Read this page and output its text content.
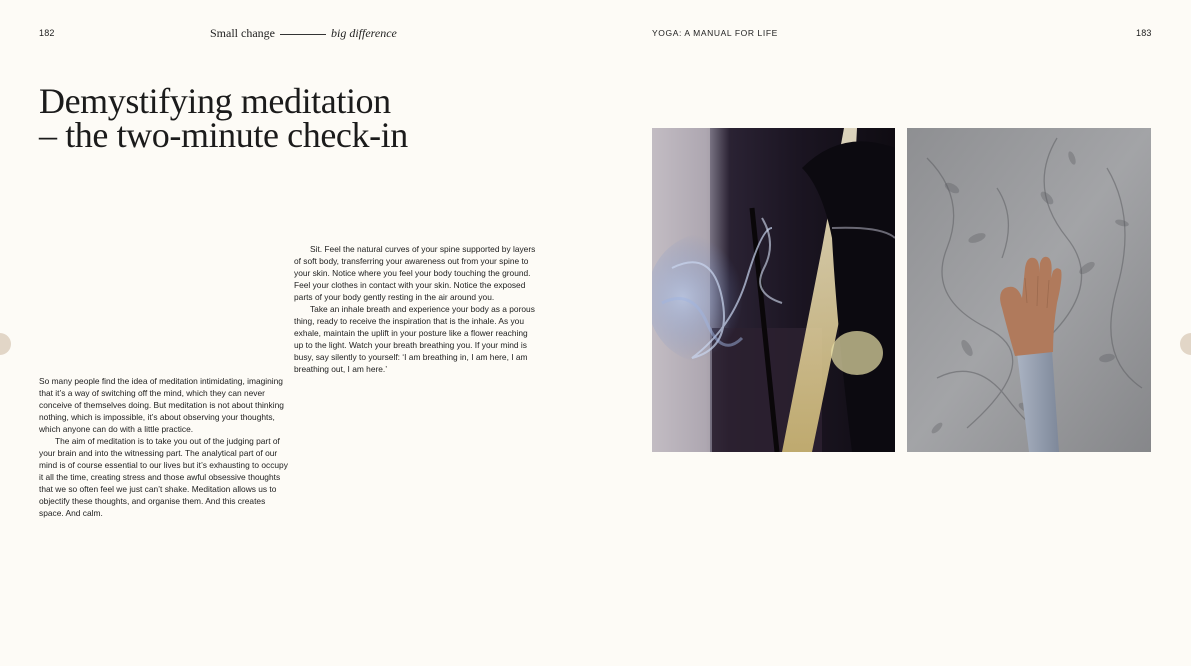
182	Small change	big difference
Demystifying meditation
– the two-minute check-in

So many people find the idea of meditation intimidating, imagining that it’s a way of switching off the mind, which they can never conceive of themselves doing. But meditation is not about thinking nothing, which is impossible, it’s about observing your thoughts, which anyone can do with a little practice.

The aim of meditation is to take you out of the judging part of your brain and into the witnessing part. The analytical part of our mind is of course essential to our lives but it’s exhausting to occupy it all the time, creating stress and those awful obsessive thoughts that we so often feel we just can’t shake. Meditation allows us to objectify these thoughts, and organise them. And this creates space. And calm.

Sit. Feel the natural curves of your spine supported by layers of soft body, transferring your awareness out from your spine to your skin. Notice where you feel your body touching the ground. Feel your clothes in contact with your skin. Notice the exposed parts of your body gently resting in the air around you.

Take an inhale breath and experience your body as a porous thing, ready to receive the inspiration that is the inhale. As you exhale, maintain the uplift in your posture like a flower reaching up to the light. Watch your breath breathing you. If your mind is busy, say silently to yourself: ‘I am breathing in, I am here, I am breathing out, I am here.’

YOGA: A MANUAL FOR LIFE	183
